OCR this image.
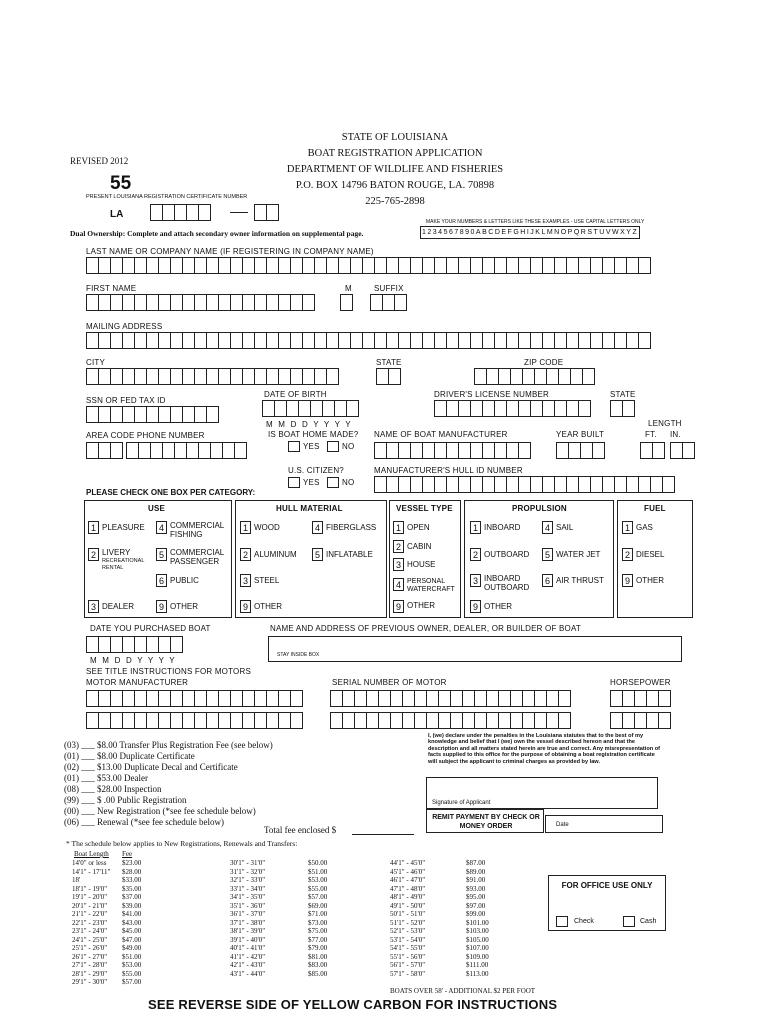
STATE OF LOUISIANA
BOAT REGISTRATION APPLICATION
DEPARTMENT OF WILDLIFE AND FISHERIES
P.O. BOX 14796 BATON ROUGE, LA. 70898
225-765-2898
REVISED 2012
55
PRESENT LOUISIANA REGISTRATION CERTIFICATE NUMBER
LA
MAKE YOUR NUMBERS & LETTERS LIKE THESE EXAMPLES - USE CAPITAL LETTERS ONLY
1234567890ABCDEFGHIJKLMNOPQRSTUVWXYZ
Dual Ownership: Complete and attach secondary owner information on supplemental page.
LAST NAME OR COMPANY NAME (IF REGISTERING IN COMPANY NAME)
FIRST NAME	M	SUFFIX
MAILING ADDRESS
CITY	STATE	ZIP CODE
DATE OF BIRTH	DRIVER'S LICENSE NUMBER	STATE
SSN OR FED TAX ID
M M D D Y Y Y Y	LENGTH
IS BOAT HOME MADE? NAME OF BOAT MANUFACTURER	YEAR BUILT	FT. IN.
AREA CODE PHONE NUMBER
YES	NO
U.S. CITIZEN?	MANUFACTURER'S HULL ID NUMBER
YES	NO
PLEASE CHECK ONE BOX PER CATEGORY:
USE	HULL MATERIAL	VESSEL TYPE	PROPULSION	FUEL
1 PLEASURE	4 COMMERCIAL FISHING
2 LIVERY
RECREATIONAL RENTAL
5 COMMERCIAL PASSENGER
6 PUBLIC
3 DEALER	9 OTHER
1 WOOD	4 FIBERGLASS
2 ALUMINUM	5 INFLATABLE
3 STEEL
9 OTHER
1 OPEN
2 CABIN
3 HOUSE
4 PERSONAL WATERCRAFT
9 OTHER
1 INBOARD	4 SAIL
2 OUTBOARD	5 WATER JET
3 INBOARD OUTBOARD
6 AIR THRUST
9 OTHER
1 GAS
2 DIESEL
9 OTHER
DATE YOU PURCHASED BOAT	NAME AND ADDRESS OF PREVIOUS OWNER, DEALER, OR BUILDER OF BOAT
STAY INSIDE BOX
M M D D Y Y Y Y
SEE TITLE INSTRUCTIONS FOR MOTORS
MOTOR MANUFACTURER	SERIAL NUMBER OF MOTOR	HORSEPOWER
(03) ___ $8.00 Transfer Plus Registration Fee (see below)
(01) ___ $8.00 Duplicate Certificate
(02) ___ $13.00 Duplicate Decal and Certificate
(01) ___ $53.00 Dealer
(08) ___ $28.00 Inspection
(99) ___ $ .00 Public Registration
(00) ___ New Registration (*see fee schedule below)
(06) ___ Renewal (*see fee schedule below)
Total fee enclosed $
I, (we) declare under the penalties in the Louisiana statutes that to the best of my knowledge and belief that I (we) own the vessel described hereon and that the description and all matters stated herein are true and correct. Any misrepresentation of facts supplied to this office for the purpose of obtaining a boat registration certificate will subject the applicant to criminal charges as provided by law.
Signature of Applicant
REMIT PAYMENT BY CHECK OR MONEY ORDER	Date
* The schedule below applies to New Registrations, Renewals and Transfers:
Boat Length Fee
14'0" or less $23.00
14'1" - 17'11" $28.00
18'	$33.00
18'1" - 19'0" $35.00
19'1" - 20'0" $37.00
20'1" - 21'0" $39.00
21'1" - 22'0" $41.00
22'1" - 23'0" $43.00
23'1" - 24'0" $45.00
24'1" - 25'0" $47.00
25'1" - 26'0" $49.00
26'1" - 27'0" $51.00
27'1" - 28'0" $53.00
28'1" - 29'0" $55.00
29'1" - 30'0" $57.00
30'1" - 31'0"	$50.00
31'1" - 32'0"	$51.00
32'1" - 33'0"	$53.00
33'1" - 34'0"	$55.00
34'1" - 35'0"	$57.00
35'1" - 36'0"	$69.00
36'1" - 37'0"	$71.00
37'1" - 38'0"	$73.00
38'1" - 39'0"	$75.00
39'1" - 40'0"	$77.00
40'1" - 41'0"	$79.00
41'1" - 42'0"	$81.00
42'1" - 43'0"	$83.00
43'1" - 44'0"	$85.00
44'1" - 45'0"	$87.00
45'1" - 46'0"	$89.00
46'1" - 47'0"	$91.00
47'1" - 48'0"	$93.00
48'1" - 49'0"	$95.00
49'1" - 50'0"	$97.00
50'1" - 51'0"	$99.00
51'1" - 52'0"	$101.00
52'1" - 53'0"	$103.00
53'1" - 54'0"	$105.00
54'1" - 55'0"	$107.00
55'1" - 56'0"	$109.00
56'1" - 57'0"	$111.00
57'1" - 58'0"	$113.00
BOATS OVER 58' - ADDITIONAL $2 PER FOOT
FOR OFFICE USE ONLY
Check	Cash
SEE REVERSE SIDE OF YELLOW CARBON FOR INSTRUCTIONS
